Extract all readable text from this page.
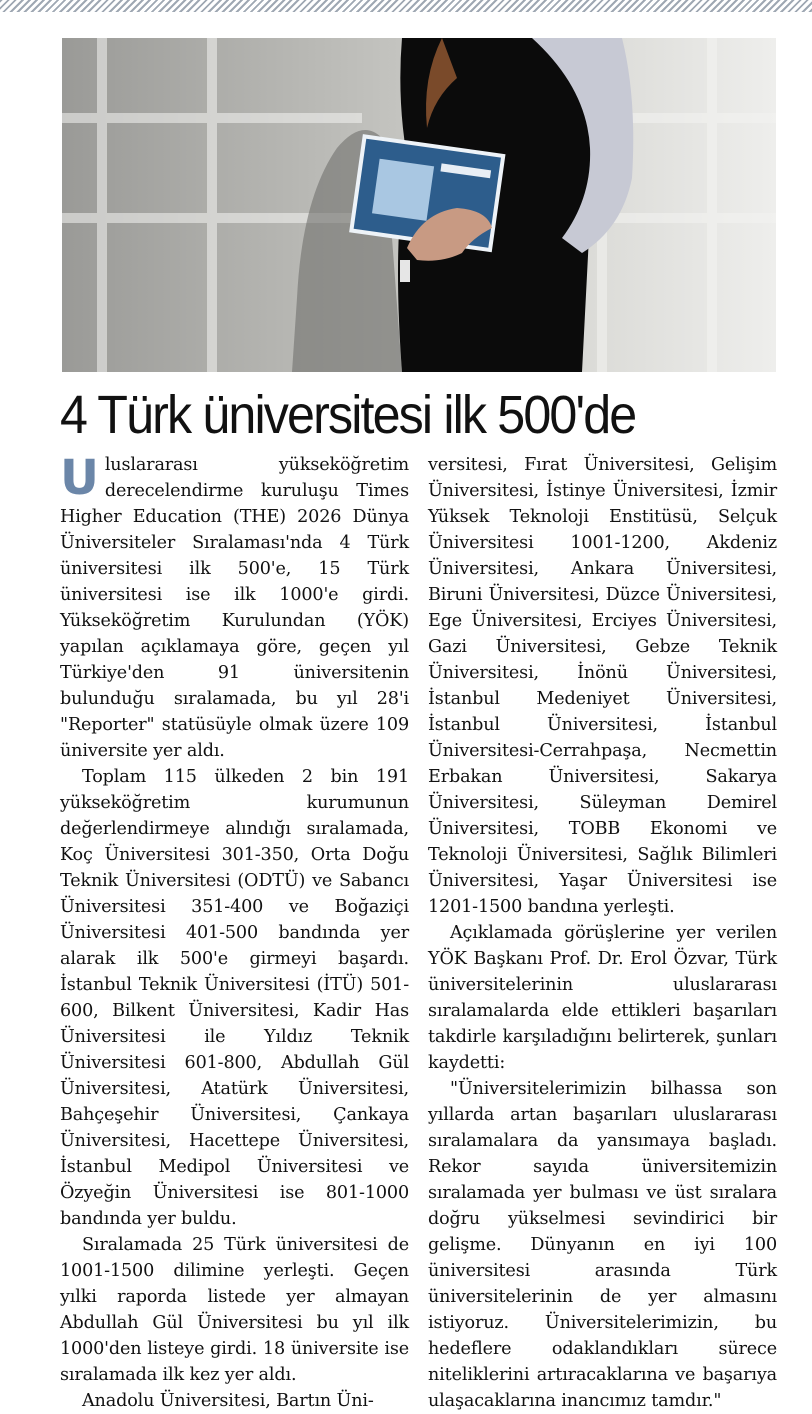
4 Türk üniversitesi ilk 500'de

Uluslararası yükseköğretim derecelendirme kuruluşu Times Higher Education (THE) 2026 Dünya Üniversiteler Sıralaması'nda 4 Türk üniversitesi ilk 500'e, 15 Türk üniversitesi ise ilk 1000'e girdi. Yükseköğretim Kurulundan (YÖK) yapılan açıklamaya göre, geçen yıl Türkiye'den 91 üniversitenin bulunduğu sıralamada, bu yıl 28'i "Reporter" statüsüyle olmak üzere 109 üniversite yer aldı.

Toplam 115 ülkeden 2 bin 191 yükseköğretim kurumunun değerlendirmeye alındığı sıralamada, Koç Üniversitesi 301-350, Orta Doğu Teknik Üniversitesi (ODTÜ) ve Sabancı Üniversitesi 351-400 ve Boğaziçi Üniversitesi 401-500 bandında yer alarak ilk 500'e girmeyi başardı. İstanbul Teknik Üniversitesi (İTÜ) 501-600, Bilkent Üniversitesi, Kadir Has Üniversitesi ile Yıldız Teknik Üniversitesi 601-800, Abdullah Gül Üniversitesi, Atatürk Üniversitesi, Bahçeşehir Üniversitesi, Çankaya Üniversitesi, Hacettepe Üniversitesi, İstanbul Medipol Üniversitesi ve Özyeğin Üniversitesi ise 801-1000 bandında yer buldu.

Sıralamada 25 Türk üniversitesi de 1001-1500 dilimine yerleşti. Geçen yılki raporda listede yer almayan Abdullah Gül Üniversitesi bu yıl ilk 1000'den listeye girdi. 18 üniversite ise sıralamada ilk kez yer aldı.

Anadolu Üniversitesi, Bartın Üni-

versitesi, Fırat Üniversitesi, Gelişim Üniversitesi, İstinye Üniversitesi, İzmir Yüksek Teknoloji Enstitüsü, Selçuk Üniversitesi 1001-1200, Akdeniz Üniversitesi, Ankara Üniversitesi, Biruni Üniversitesi, Düzce Üniversitesi, Ege Üniversitesi, Erciyes Üniversitesi, Gazi Üniversitesi, Gebze Teknik Üniversitesi, İnönü Üniversitesi, İstanbul Medeniyet Üniversitesi, İstanbul Üniversitesi, İstanbul Üniversitesi-Cerrahpaşa, Necmettin Erbakan Üniversitesi, Sakarya Üniversitesi, Süleyman Demirel Üniversitesi, TOBB Ekonomi ve Teknoloji Üniversitesi, Sağlık Bilimleri Üniversitesi, Yaşar Üniversitesi ise 1201-1500 bandına yerleşti.

Açıklamada görüşlerine yer verilen YÖK Başkanı Prof. Dr. Erol Özvar, Türk üniversitelerinin uluslararası sıralamalarda elde ettikleri başarıları takdirle karşıladığını belirterek, şunları kaydetti:

"Üniversitelerimizin bilhassa son yıllarda artan başarıları uluslararası sıralamalara da yansımaya başladı. Rekor sayıda üniversitemizin sıralamada yer bulması ve üst sıralara doğru yükselmesi sevindirici bir gelişme. Dünyanın en iyi 100 üniversitesi arasında Türk üniversitelerinin de yer almasını istiyoruz. Üniversitelerimizin, bu hedeflere odaklandıkları sürece niteliklerini artıracaklarına ve başarıya ulaşacaklarına inancımız tamdır."
